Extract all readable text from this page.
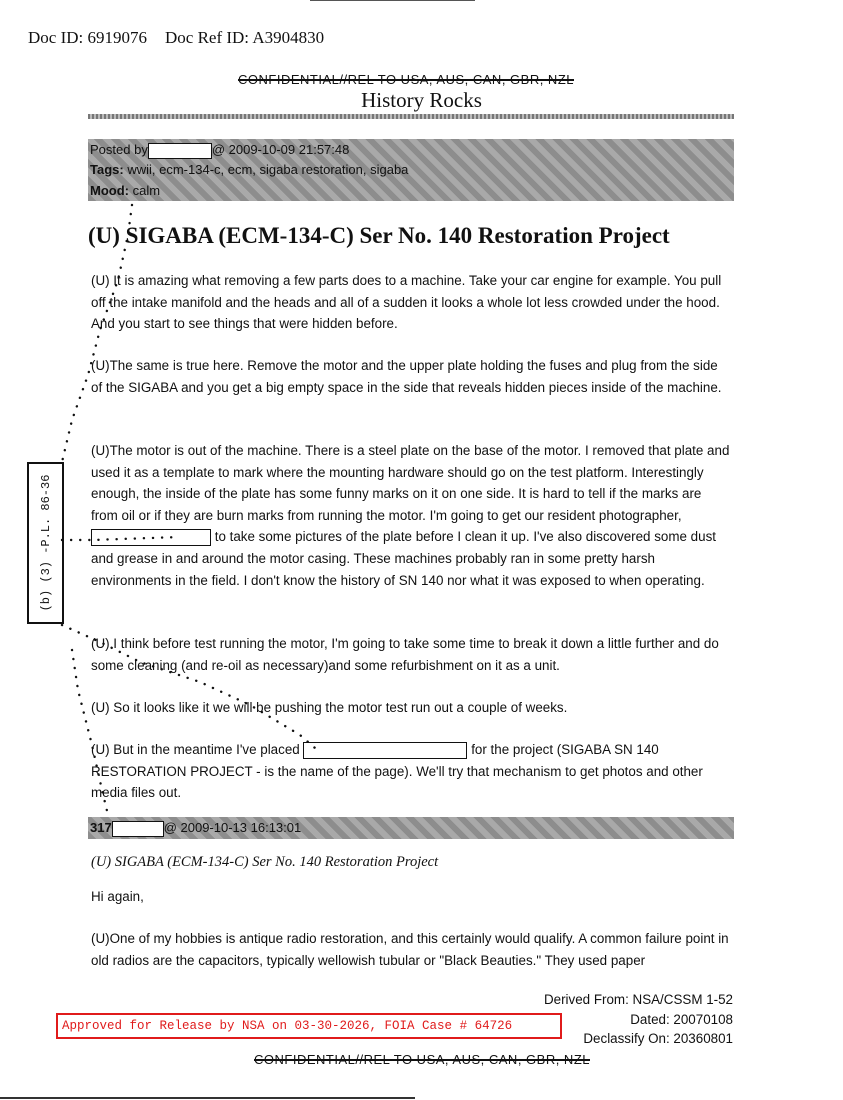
Doc ID: 6919076 Doc Ref ID: A3904830
CONFIDENTIAL//REL TO USA, AUS, CAN, GBR, NZL
History Rocks
Posted by	@ 2009-10-09 21:57:48
Tags: wwii, ecm-134-c, ecm, sigaba restoration, sigaba
Mood: calm
(U) SIGABA (ECM-134-C) Ser No. 140 Restoration Project
(U) It is amazing what removing a few parts does to a machine. Take your car engine for example. You pull off the intake manifold and the heads and all of a sudden it looks a whole lot less crowded under the hood. And you start to see things that were hidden before.
(U)The same is true here. Remove the motor and the upper plate holding the fuses and plug from the side of the SIGABA and you get a big empty space in the side that reveals hidden pieces inside of the machine.
(U)The motor is out of the machine. There is a steel plate on the base of the motor. I removed that plate and used it as a template to mark where the mounting hardware should go on the test platform. Interestingly enough, the inside of the plate has some funny marks on it on one side. It is hard to tell if the marks are from oil or if they are burn marks from running the motor. I'm going to get our resident photographer,  to take some pictures of the plate before I clean it up. I've also discovered some dust and grease in and around the motor casing. These machines probably ran in some pretty harsh environments in the field. I don't know the history of SN 140 nor what it was exposed to when operating.
(U) I think before test running the motor, I'm going to take some time to break it down a little further and do some cleaning (and re-oil as necessary)and some refurbishment on it as a unit.
(U) So it looks like it we will be pushing the motor test run out a couple of weeks.
(U) But in the meantime I've placed	for the project (SIGABA SN 140 RESTORATION PROJECT - is the name of the page). We'll try that mechanism to get photos and other media files out.
317	@ 2009-10-13 16:13:01
(U) SIGABA (ECM-134-C) Ser No. 140 Restoration Project
Hi again,
(U)One of my hobbies is antique radio restoration, and this certainly would qualify. A common failure point in old radios are the capacitors, typically wellowish tubular or "Black Beauties." They used paper
(b) (3) -P.L. 86-36
Derived From: NSA/CSSM 1-52
Dated: 20070108
Declassify On: 20360801
Approved for Release by NSA on 03-30-2026, FOIA Case # 64726
CONFIDENTIAL//REL TO USA, AUS, CAN, GBR, NZL
